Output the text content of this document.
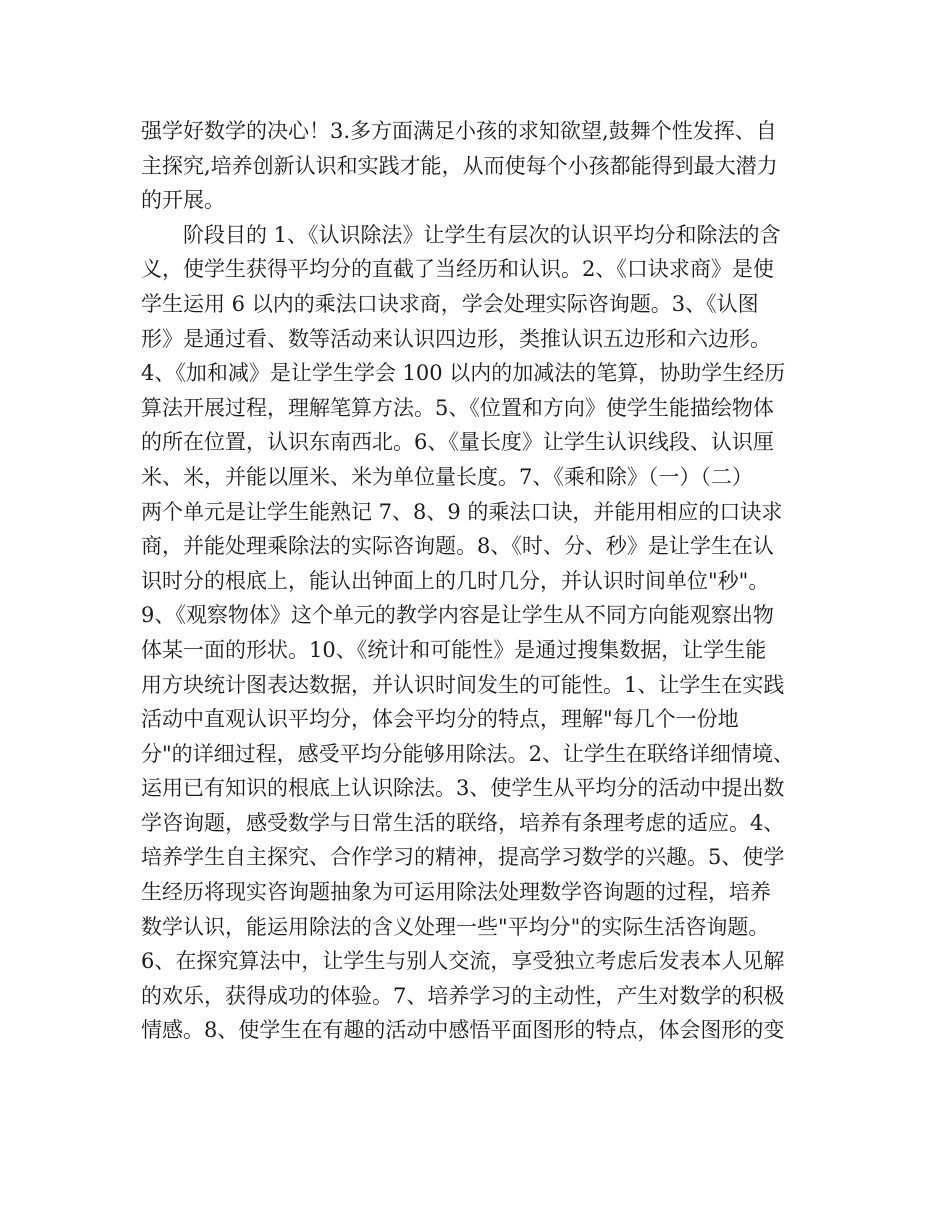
强学好数学的决心！3.多方面满足小孩的求知欲望,鼓舞个性发挥、自
主探究,培养创新认识和实践才能，从而使每个小孩都能得到最大潜力
的开展。
　　阶段目的 1、《认识除法》让学生有层次的认识平均分和除法的含
义，使学生获得平均分的直截了当经历和认识。2、《口诀求商》是使
学生运用 6 以内的乘法口诀求商，学会处理实际咨询题。3、《认图
形》是通过看、数等活动来认识四边形，类推认识五边形和六边形。
4、《加和减》是让学生学会 100 以内的加减法的笔算，协助学生经历
算法开展过程，理解笔算方法。5、《位置和方向》使学生能描绘物体
的所在位置，认识东南西北。6、《量长度》让学生认识线段、认识厘
米、米，并能以厘米、米为单位量长度。7、《乘和除》（一）（二）
两个单元是让学生能熟记 7、8、9 的乘法口诀，并能用相应的口诀求
商，并能处理乘除法的实际咨询题。8、《时、分、秒》是让学生在认
识时分的根底上，能认出钟面上的几时几分，并认识时间单位"秒"。
9、《观察物体》这个单元的教学内容是让学生从不同方向能观察出物
体某一面的形状。10、《统计和可能性》是通过搜集数据，让学生能
用方块统计图表达数据，并认识时间发生的可能性。1、让学生在实践
活动中直观认识平均分，体会平均分的特点，理解"每几个一份地
分"的详细过程，感受平均分能够用除法。2、让学生在联络详细情境、
运用已有知识的根底上认识除法。3、使学生从平均分的活动中提出数
学咨询题，感受数学与日常生活的联络，培养有条理考虑的适应。4、
培养学生自主探究、合作学习的精神，提高学习数学的兴趣。5、使学
生经历将现实咨询题抽象为可运用除法处理数学咨询题的过程，培养
数学认识，能运用除法的含义处理一些"平均分"的实际生活咨询题。
6、在探究算法中，让学生与别人交流，享受独立考虑后发表本人见解
的欢乐，获得成功的体验。7、培养学习的主动性，产生对数学的积极
情感。8、使学生在有趣的活动中感悟平面图形的特点，体会图形的变
